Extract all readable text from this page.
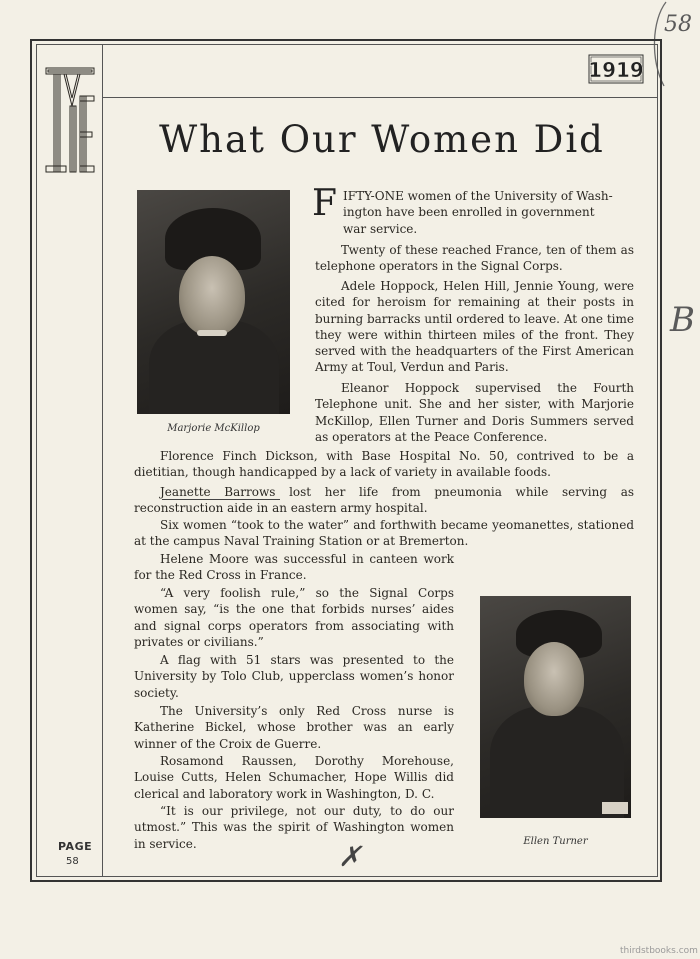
58
B
✗
1919
What Our Women Did
Marjorie McKillop
Ellen Turner
F IFTY-ONE women of the University of Wash-
ington have been enrolled in government
war service.

Twenty of these reached France, ten of them as telephone operators in the Signal Corps.

Adele Hoppock, Helen Hill, Jennie Young, were cited for heroism for remaining at their posts in burning barracks until ordered to leave. At one time they were within thirteen miles of the front. They served with the headquarters of the First American Army at Toul, Verdun and Paris.

Eleanor Hoppock supervised the Fourth Telephone unit. She and her sister, with Marjorie McKillop, Ellen Turner and Doris Summers served as operators at the Peace Conference.

Florence Finch Dickson, with Base Hospital No. 50, contrived to be a dietitian, though handicapped by a lack of variety in available foods.

Jeanette Barrows lost her life from pneumonia while serving as reconstruction aide in an eastern army hospital.

Six women “took to the water” and forthwith became yeomanettes, stationed at the campus Naval Training Station or at Bremerton.

Helene Moore was successful in canteen work for the Red Cross in France.

“A very foolish rule,” so the Signal Corps women say, “is the one that forbids nurses’ aides and signal corps operators from associating with privates or civilians.”

A flag with 51 stars was presented to the University by Tolo Club, upperclass women’s honor society.

The University’s only Red Cross nurse is Katherine Bickel, whose brother was an early winner of the Croix de Guerre.

Rosamond Raussen, Dorothy Morehouse, Louise Cutts, Helen Schumacher, Hope Willis did clerical and laboratory work in Washington, D. C.

“It is our privilege, not our duty, to do our utmost.” This was the spirit of Washington women in service.

PAGE
58
thirdstbooks.com
